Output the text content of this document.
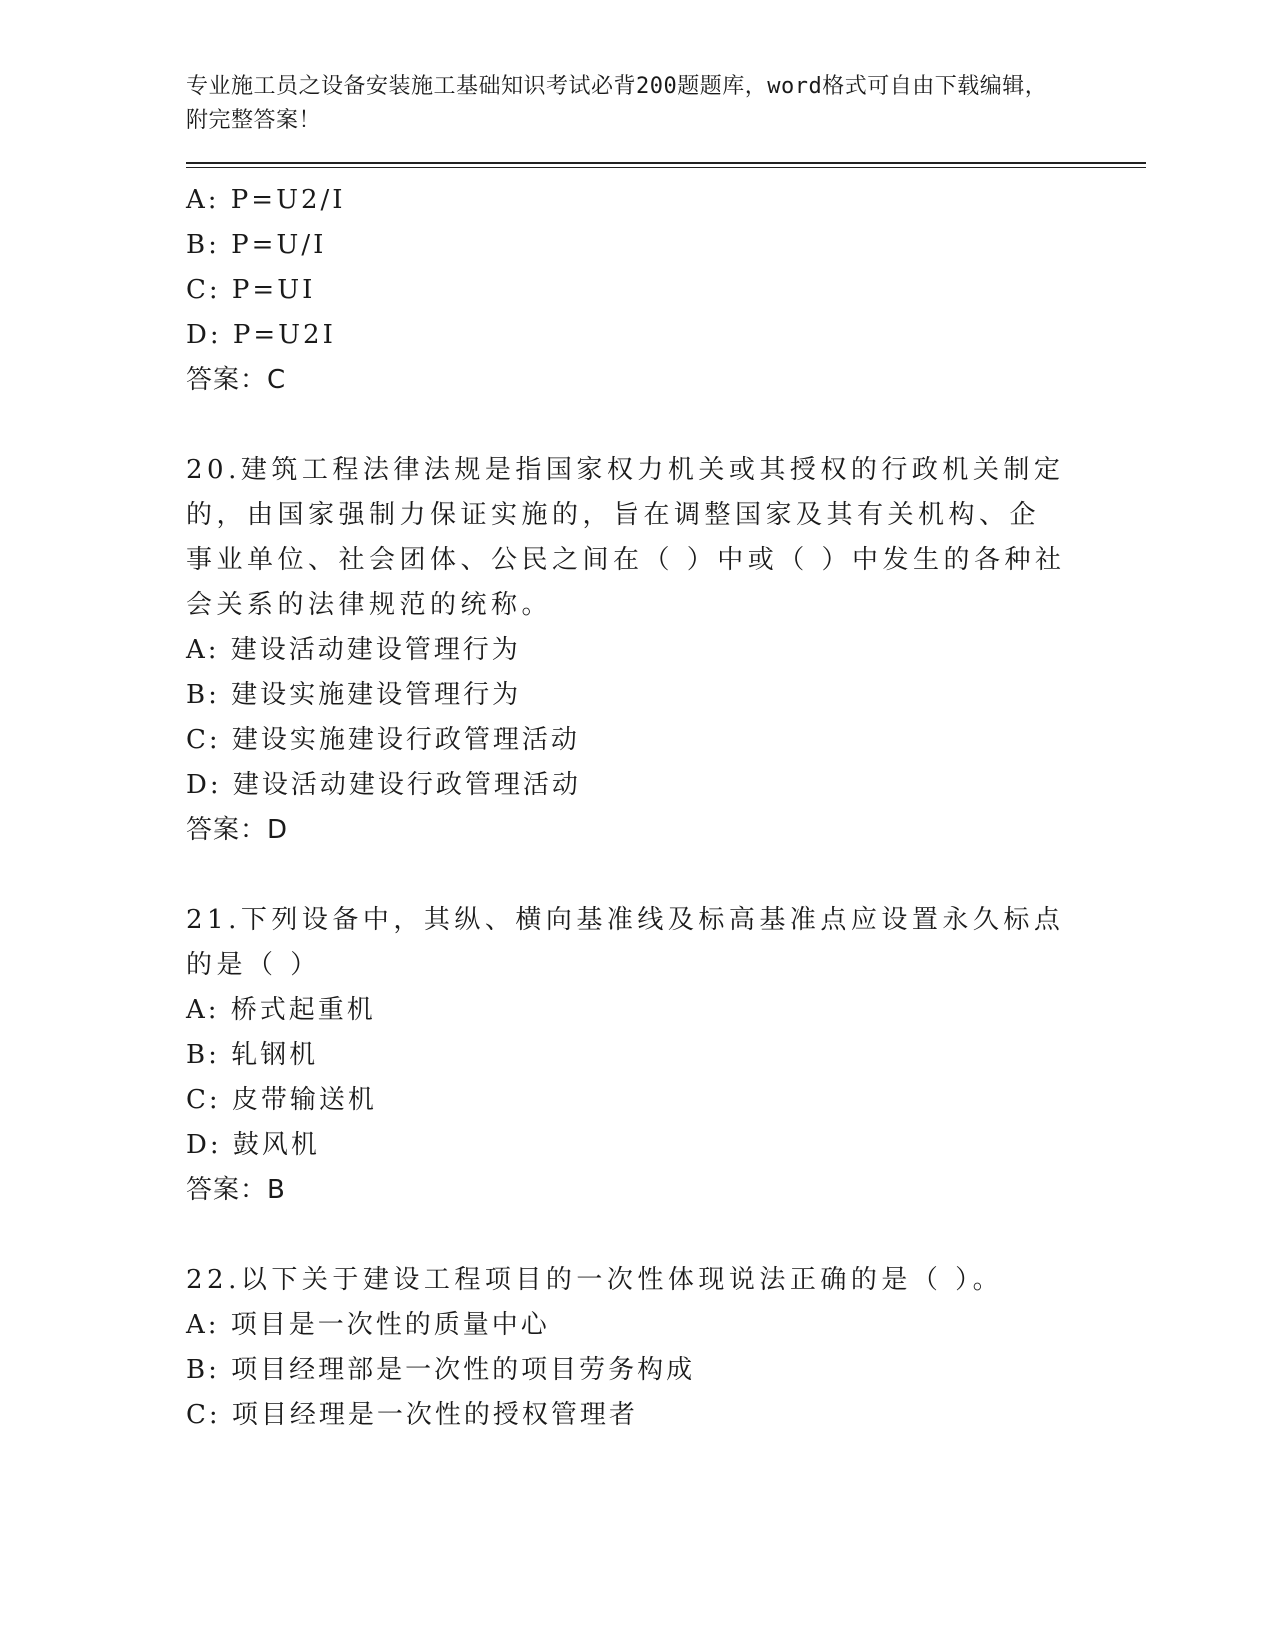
专业施工员之设备安装施工基础知识考试必背200题题库，word格式可自由下载编辑，附完整答案！
A: P=U2/I
B: P=U/I
C: P=UI
D: P=U2I
答案：C
20.建筑工程法律法规是指国家权力机关或其授权的行政机关制定的，由国家强制力保证实施的，旨在调整国家及其有关机构、企事业单位、社会团体、公民之间在（ ）中或（ ）中发生的各种社会关系的法律规范的统称。
A: 建设活动建设管理行为
B: 建设实施建设管理行为
C: 建设实施建设行政管理活动
D: 建设活动建设行政管理活动
答案：D
21.下列设备中，其纵、横向基准线及标高基准点应设置永久标点的是（ ）
A: 桥式起重机
B: 轧钢机
C: 皮带输送机
D: 鼓风机
答案：B
22.以下关于建设工程项目的一次性体现说法正确的是（ ）。
A: 项目是一次性的质量中心
B: 项目经理部是一次性的项目劳务构成
C: 项目经理是一次性的授权管理者
